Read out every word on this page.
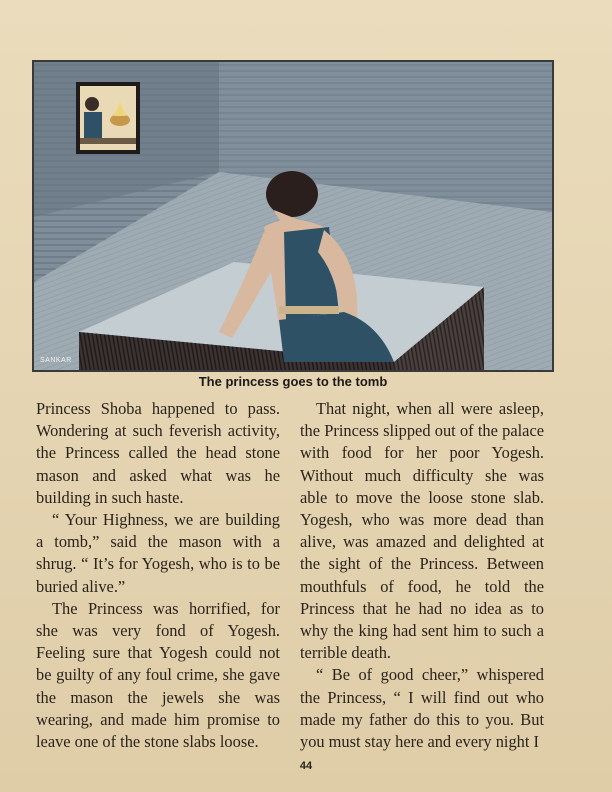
SANKAR
The princess goes to the tomb

Princess Shoba happened to pass. Wondering at such feverish activity, the Princess called the head stone mason and asked what was he building in such haste.

“ Your Highness, we are building a tomb,” said the mason with a shrug. “ It’s for Yogesh, who is to be buried alive.”

The Princess was horrified, for she was very fond of Yogesh. Feeling sure that Yogesh could not be guilty of any foul crime, she gave the mason the jewels she was wearing, and made him promise to leave one of the stone slabs loose.

That night, when all were asleep, the Princess slipped out of the palace with food for her poor Yogesh. Without much difficulty she was able to move the loose stone slab. Yogesh, who was more dead than alive, was amazed and delighted at the sight of the Princess. Between mouthfuls of food, he told the Princess that he had no idea as to why the king had sent him to such a terrible death.

“ Be of good cheer,” whispered the Princess, “ I will find out who made my father do this to you. But you must stay here and every night I

44
